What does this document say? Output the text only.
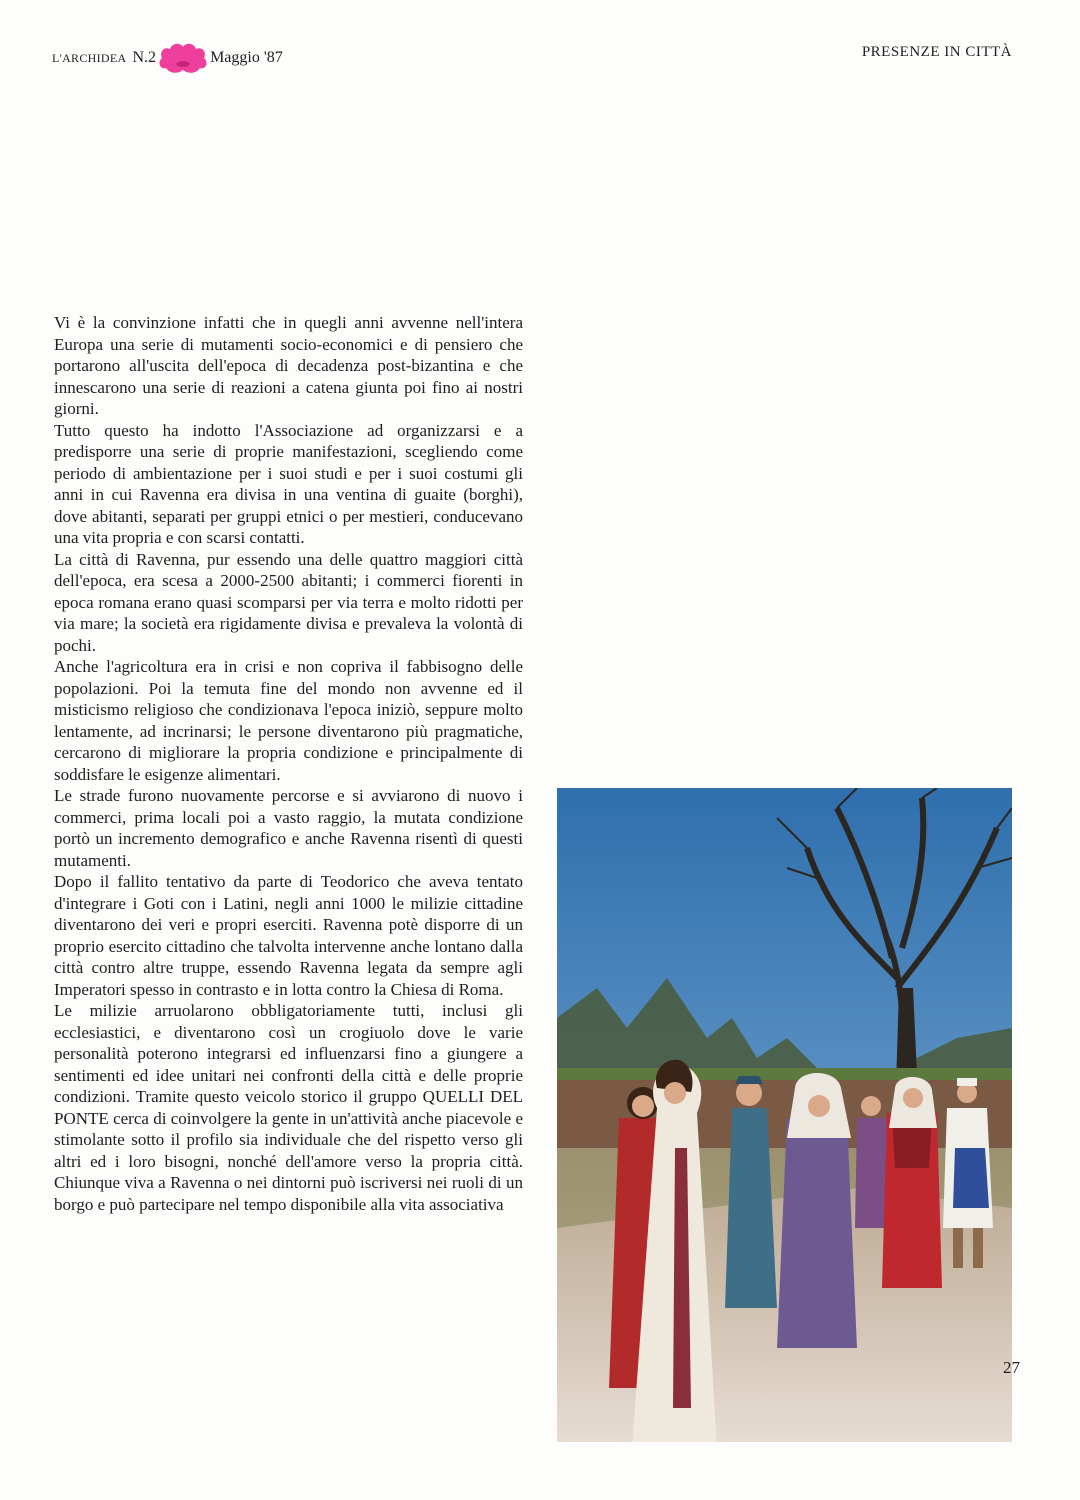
L'ARCHIDEA N.2	Maggio '87	PRESENZE IN CITTÀ

Vi è la convinzione infatti che in quegli anni avvenne nell'intera Europa una serie di mutamenti socio-economici e di pensiero che portarono all'uscita dell'epoca di decadenza post-bizantina e che innescarono una serie di reazioni a catena giunta poi fino ai nostri giorni.

Tutto questo ha indotto l'Associazione ad organizzarsi e a predisporre una serie di proprie manifestazioni, scegliendo come periodo di ambientazione per i suoi studi e per i suoi costumi gli anni in cui Ravenna era divisa in una ventina di guaite (borghi), dove abitanti, separati per gruppi etnici o per mestieri, conducevano una vita propria e con scarsi contatti.

La città di Ravenna, pur essendo una delle quattro maggiori città dell'epoca, era scesa a 2000-2500 abitanti; i commerci fiorenti in epoca romana erano quasi scomparsi per via terra e molto ridotti per via mare; la società era rigidamente divisa e prevaleva la volontà di pochi.

Anche l'agricoltura era in crisi e non copriva il fabbisogno delle popolazioni. Poi la temuta fine del mondo non avvenne ed il misticismo religioso che condizionava l'epoca iniziò, seppure molto lentamente, ad incrinarsi; le persone diventarono più pragmatiche, cercarono di migliorare la propria condizione e principalmente di soddisfare le esigenze alimentari.

Le strade furono nuovamente percorse e si avviarono di nuovo i commerci, prima locali poi a vasto raggio, la mutata condizione portò un incremento demografico e anche Ravenna risentì di questi mutamenti.

Dopo il fallito tentativo da parte di Teodorico che aveva tentato d'integrare i Goti con i Latini, negli anni 1000 le milizie cittadine diventarono dei veri e propri eserciti. Ravenna potè disporre di un proprio esercito cittadino che talvolta intervenne anche lontano dalla città contro altre truppe, essendo Ravenna legata da sempre agli Imperatori spesso in contrasto e in lotta contro la Chiesa di Roma.

Le milizie arruolarono obbligatoriamente tutti, inclusi gli ecclesiastici, e diventarono così un crogiuolo dove le varie personalità poterono integrarsi ed influenzarsi fino a giungere a sentimenti ed idee unitari nei confronti della città e delle proprie condizioni. Tramite questo veicolo storico il gruppo QUELLI DEL PONTE cerca di coinvolgere la gente in un'attività anche piacevole e stimolante sotto il profilo sia individuale che del rispetto verso gli altri ed i loro bisogni, nonché dell'amore verso la propria città. Chiunque viva a Ravenna o nei dintorni può iscriversi nei ruoli di un borgo e può partecipare nel tempo disponibile alla vita associativa

27
